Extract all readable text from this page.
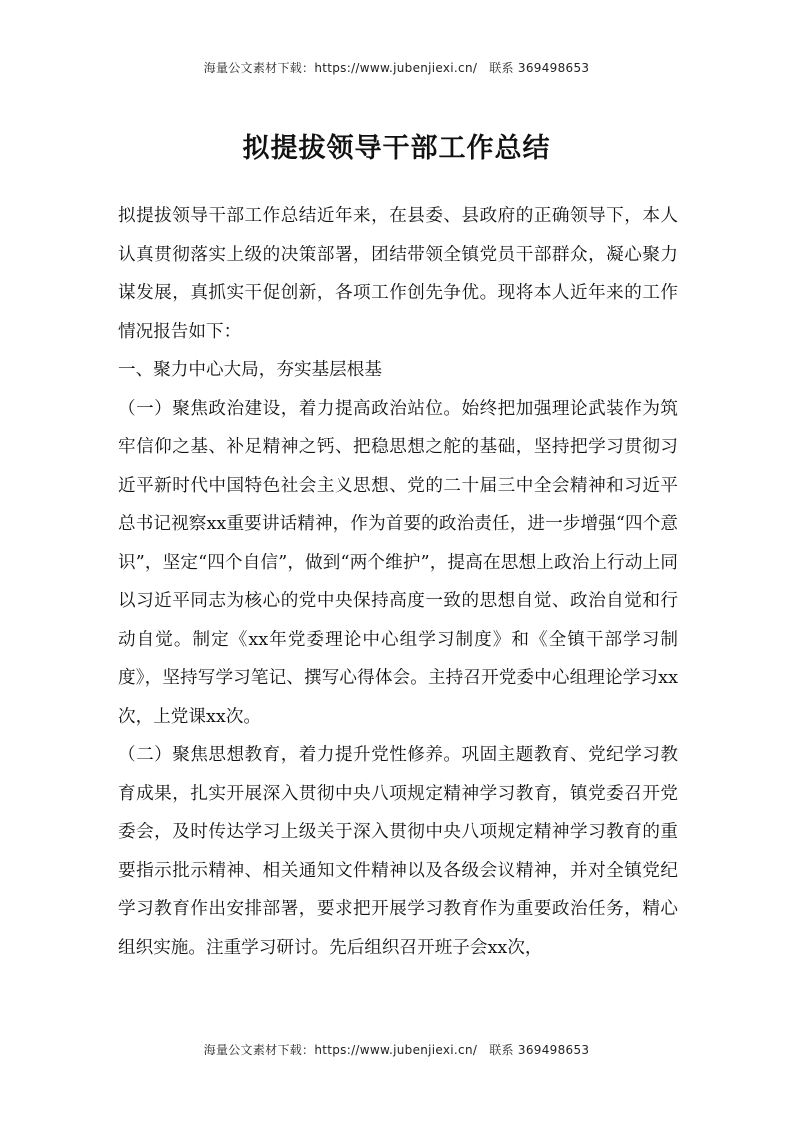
海量公文素材下载：https://www.jubenjiexi.cn/ 联系 369498653
拟提拔领导干部工作总结

拟提拔领导干部工作总结近年来，在县委、县政府的正确领导下，本人认真贯彻落实上级的决策部署，团结带领全镇党员干部群众，凝心聚力谋发展，真抓实干促创新，各项工作创先争优。现将本人近年来的工作情况报告如下：

一、聚力中心大局，夯实基层根基

（一）聚焦政治建设，着力提高政治站位。始终把加强理论武装作为筑牢信仰之基、补足精神之钙、把稳思想之舵的基础，坚持把学习贯彻习近平新时代中国特色社会主义思想、党的二十届三中全会精神和习近平总书记视察xx重要讲话精神，作为首要的政治责任，进一步增强“四个意识”，坚定“四个自信”，做到“两个维护”，提高在思想上政治上行动上同以习近平同志为核心的党中央保持高度一致的思想自觉、政治自觉和行动自觉。制定《xx年党委理论中心组学习制度》和《全镇干部学习制度》，坚持写学习笔记、撰写心得体会。主持召开党委中心组理论学习xx次，上党课xx次。

（二）聚焦思想教育，着力提升党性修养。巩固主题教育、党纪学习教育成果，扎实开展深入贯彻中央八项规定精神学习教育，镇党委召开党委会，及时传达学习上级关于深入贯彻中央八项规定精神学习教育的重要指示批示精神、相关通知文件精神以及各级会议精神，并对全镇党纪学习教育作出安排部署，要求把开展学习教育作为重要政治任务，精心组织实施。注重学习研讨。先后组织召开班子会xx次，

海量公文素材下载：https://www.jubenjiexi.cn/ 联系 369498653
